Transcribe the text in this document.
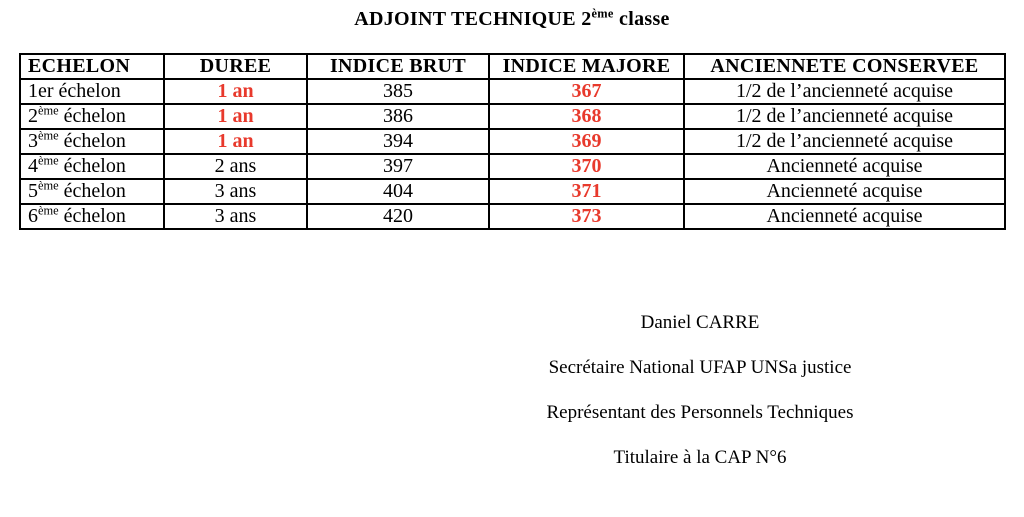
ADJOINT TECHNIQUE 2ème classe
ECHELON	DUREE	INDICE BRUT	INDICE MAJORE	ANCIENNETE CONSERVEE
1er échelon	1 an	385	367	1/2 de l’ancienneté acquise
2ème échelon	1 an	386	368	1/2 de l’ancienneté acquise
3ème échelon	1 an	394	369	1/2 de l’ancienneté acquise
4ème échelon	2 ans	397	370	Ancienneté acquise
5ème échelon	3 ans	404	371	Ancienneté acquise
6ème échelon	3 ans	420	373	Ancienneté acquise
Daniel CARRE
Secrétaire National UFAP UNSa justice
Représentant des Personnels Techniques
Titulaire à la CAP N°6
